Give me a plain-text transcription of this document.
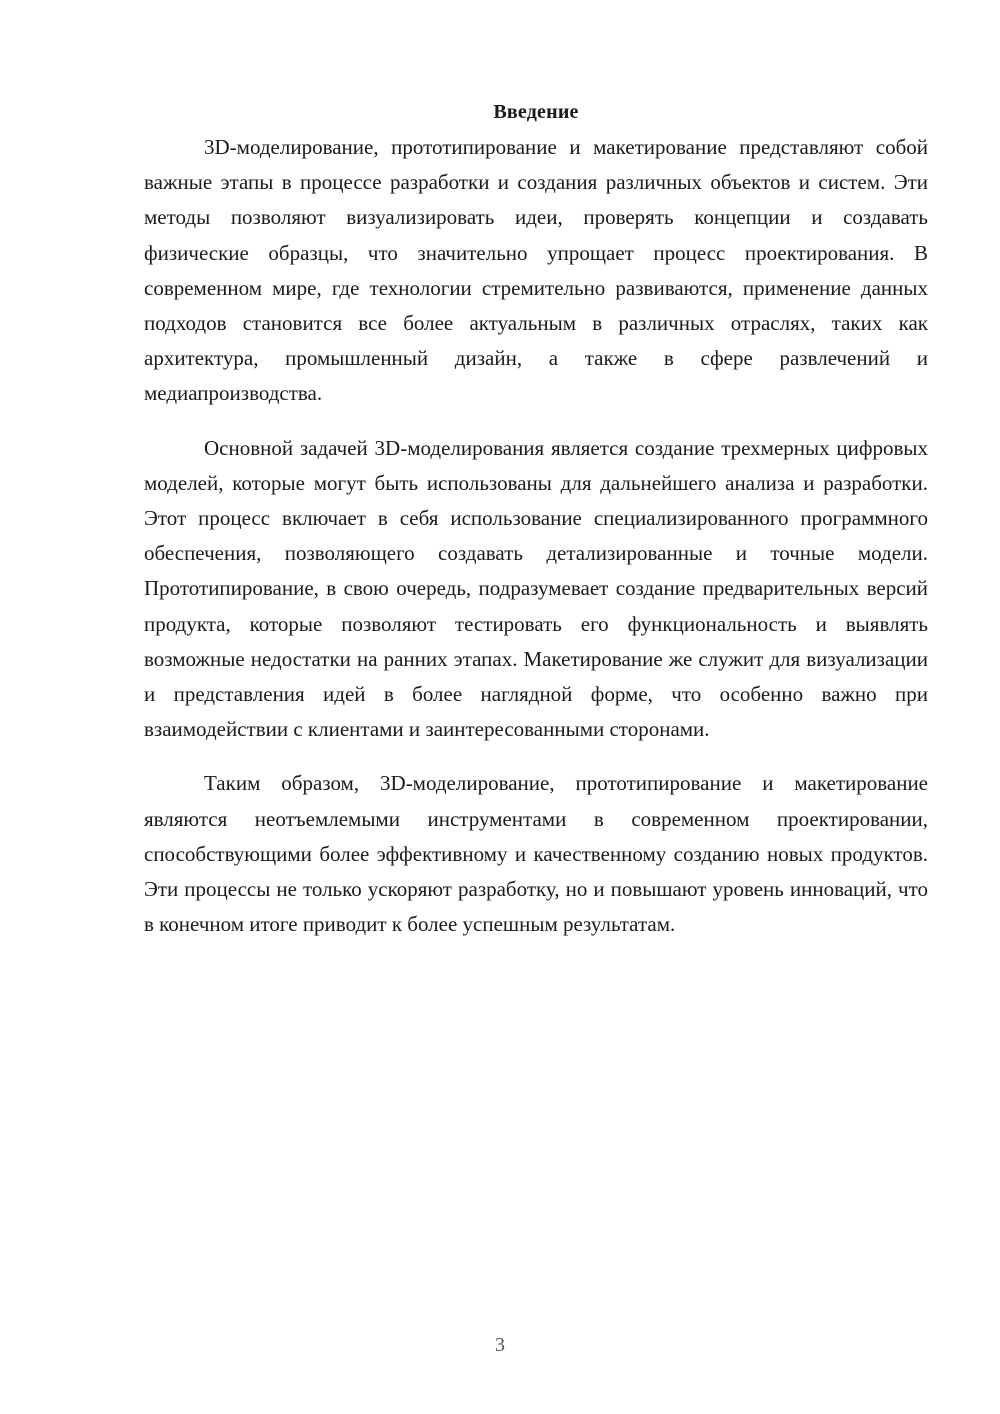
Введение

3D-моделирование, прототипирование и макетирование представляют собой важные этапы в процессе разработки и создания различных объектов и систем. Эти методы позволяют визуализировать идеи, проверять концепции и создавать физические образцы, что значительно упрощает процесс проектирования. В современном мире, где технологии стремительно развиваются, применение данных подходов становится все более актуальным в различных отраслях, таких как архитектура, промышленный дизайн, а также в сфере развлечений и медиапроизводства.

Основной задачей 3D-моделирования является создание трехмерных цифровых моделей, которые могут быть использованы для дальнейшего анализа и разработки. Этот процесс включает в себя использование специализированного программного обеспечения, позволяющего создавать детализированные и точные модели. Прототипирование, в свою очередь, подразумевает создание предварительных версий продукта, которые позволяют тестировать его функциональность и выявлять возможные недостатки на ранних этапах. Макетирование же служит для визуализации и представления идей в более наглядной форме, что особенно важно при взаимодействии с клиентами и заинтересованными сторонами.

Таким образом, 3D-моделирование, прототипирование и макетирование являются неотъемлемыми инструментами в современном проектировании, способствующими более эффективному и качественному созданию новых продуктов. Эти процессы не только ускоряют разработку, но и повышают уровень инноваций, что в конечном итоге приводит к более успешным результатам.

3
